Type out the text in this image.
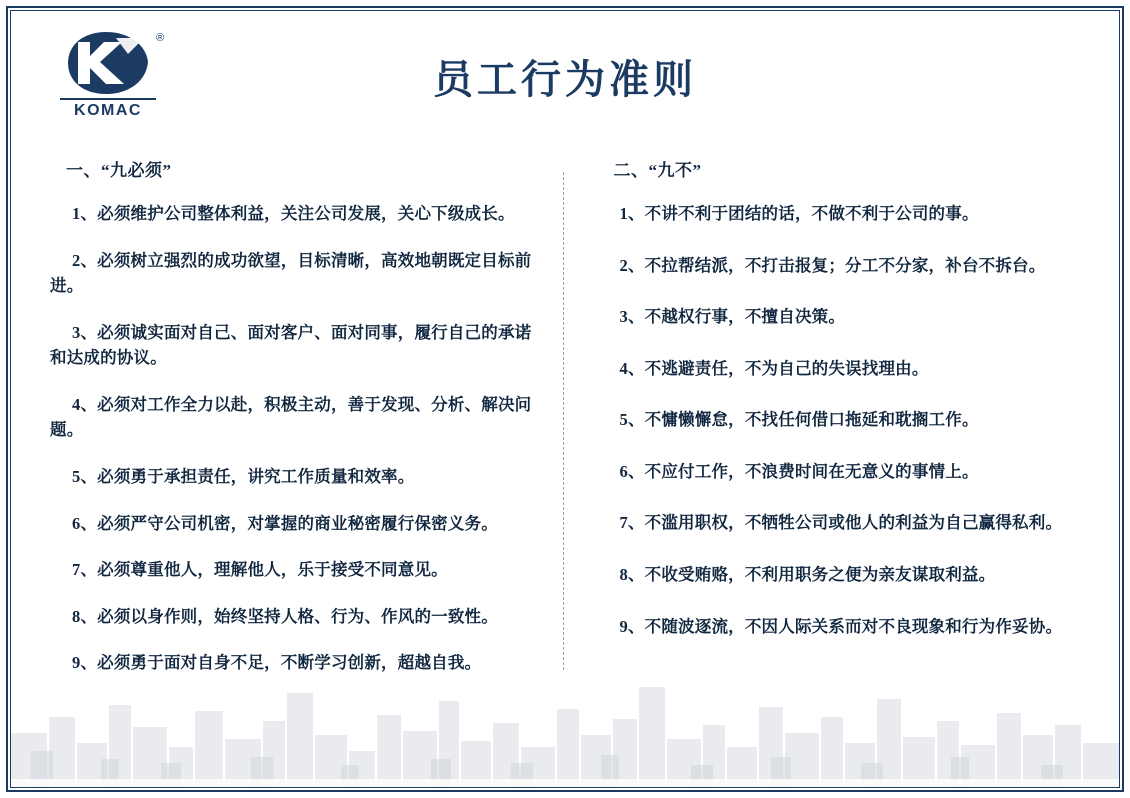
®
KOMAC
员工行为准则
一、“九必须”

1、必须维护公司整体利益，关注公司发展，关心下级成长。

2、必须树立强烈的成功欲望，目标清晰，高效地朝既定目标前进。

3、必须诚实面对自己、面对客户、面对同事，履行自己的承诺和达成的协议。

4、必须对工作全力以赴，积极主动，善于发现、分析、解决问题。

5、必须勇于承担责任，讲究工作质量和效率。

6、必须严守公司机密，对掌握的商业秘密履行保密义务。

7、必须尊重他人，理解他人，乐于接受不同意见。

8、必须以身作则，始终坚持人格、行为、作风的一致性。

9、必须勇于面对自身不足，不断学习创新，超越自我。

二、“九不”

1、不讲不利于团结的话，不做不利于公司的事。

2、不拉帮结派，不打击报复；分工不分家，补台不拆台。

3、不越权行事，不擅自决策。

4、不逃避责任，不为自己的失误找理由。

5、不慵懒懈怠，不找任何借口拖延和耽搁工作。

6、不应付工作，不浪费时间在无意义的事情上。

7、不滥用职权，不牺牲公司或他人的利益为自己赢得私利。

8、不收受贿赂，不利用职务之便为亲友谋取利益。

9、不随波逐流，不因人际关系而对不良现象和行为作妥协。
